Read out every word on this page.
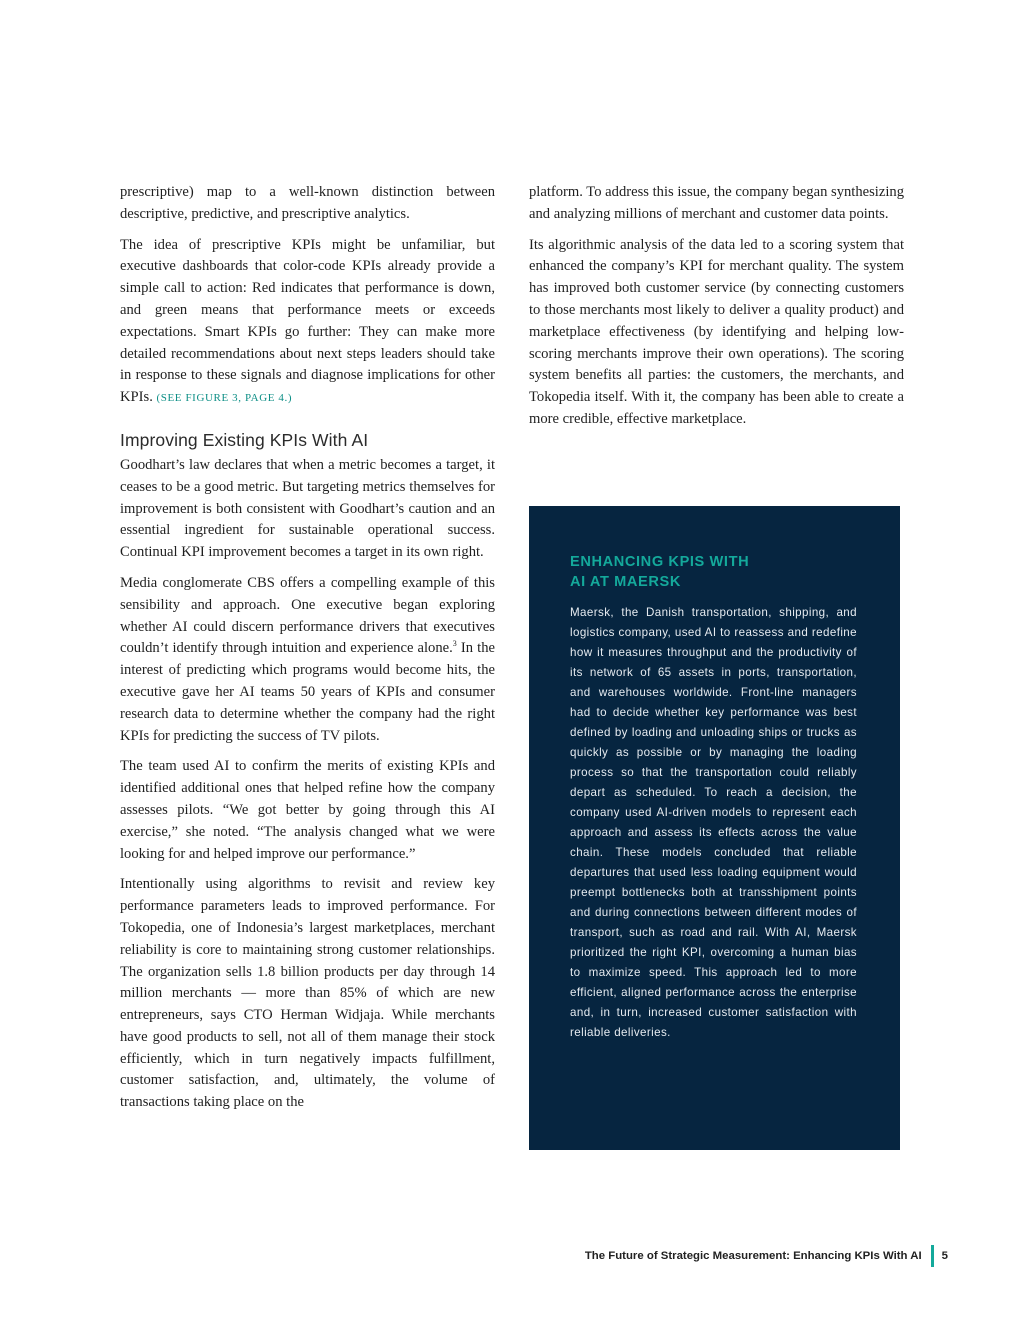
prescriptive) map to a well-known distinction between descriptive, predictive, and prescriptive analytics.

The idea of prescriptive KPIs might be unfamiliar, but executive dashboards that color-code KPIs already provide a simple call to action: Red indicates that performance is down, and green means that performance meets or exceeds expectations. Smart KPIs go further: They can make more detailed recommendations about next steps leaders should take in response to these signals and diagnose implications for other KPIs. (SEE FIGURE 3, PAGE 4.)

Improving Existing KPIs With AI

Goodhart’s law declares that when a metric becomes a target, it ceases to be a good metric. But targeting metrics themselves for improvement is both consistent with Goodhart’s caution and an essential ingredient for sustainable operational success. Continual KPI improvement becomes a target in its own right.

Media conglomerate CBS offers a compelling example of this sensibility and approach. One executive began exploring whether AI could discern performance drivers that executives couldn’t identify through intuition and experience alone.$^3$ In the interest of predicting which programs would become hits, the executive gave her AI teams 50 years of KPIs and consumer research data to determine whether the company had the right KPIs for predicting the success of TV pilots.

The team used AI to confirm the merits of existing KPIs and identified additional ones that helped refine how the company assesses pilots. “We got better by going through this AI exercise,” she noted. “The analysis changed what we were looking for and helped improve our performance.”

Intentionally using algorithms to revisit and review key performance parameters leads to improved performance. For Tokopedia, one of Indonesia’s largest marketplaces, merchant reliability is core to maintaining strong customer relationships. The organization sells 1.8 billion products per day through 14 million merchants — more than 85% of which are new entrepreneurs, says CTO Herman Widjaja. While merchants have good products to sell, not all of them manage their stock efficiently, which in turn negatively impacts fulfillment, customer satisfaction, and, ultimately, the volume of transactions taking place on the

platform. To address this issue, the company began synthesizing and analyzing millions of merchant and customer data points.

Its algorithmic analysis of the data led to a scoring system that enhanced the company’s KPI for merchant quality. The system has improved both customer service (by connecting customers to those merchants most likely to deliver a quality product) and marketplace effectiveness (by identifying and helping low-scoring merchants improve their own operations). The scoring system benefits all parties: the customers, the merchants, and Tokopedia itself. With it, the company has been able to create a more credible, effective marketplace.

ENHANCING KPIS WITH
AI AT MAERSK

Maersk, the Danish transportation, shipping, and logistics company, used AI to reassess and redefine how it measures throughput and the productivity of its network of 65 assets in ports, transportation, and warehouses worldwide. Front-line managers had to decide whether key performance was best defined by loading and unloading ships or trucks as quickly as possible or by managing the loading process so that the transportation could reliably depart as scheduled. To reach a decision, the company used AI-driven models to represent each approach and assess its effects across the value chain. These models concluded that reliable departures that used less loading equipment would preempt bottlenecks both at transshipment points and during connections between different modes of transport, such as road and rail. With AI, Maersk prioritized the right KPI, overcoming a human bias to maximize speed. This approach led to more efficient, aligned performance across the enterprise and, in turn, increased customer satisfaction with reliable deliveries.

The Future of Strategic Measurement: Enhancing KPIs With AI 5
